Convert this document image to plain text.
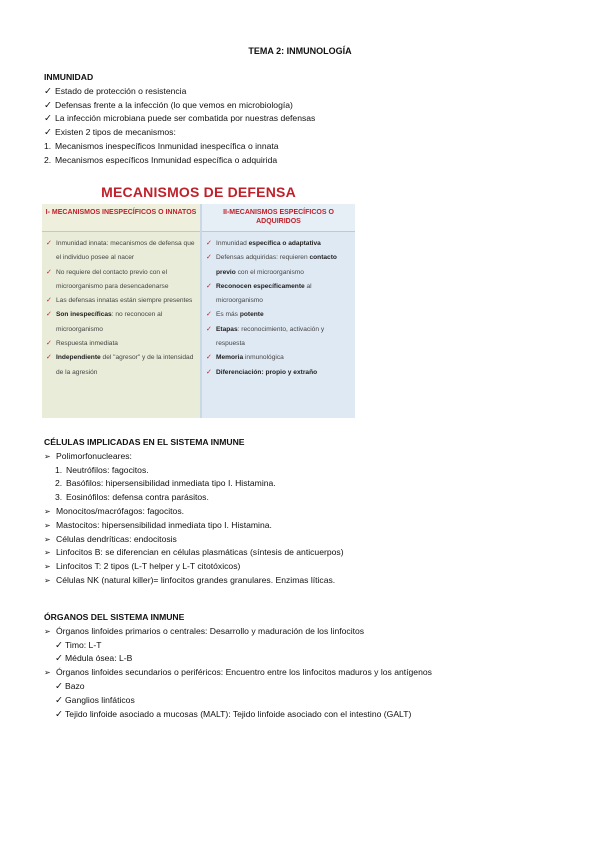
TEMA 2: INMUNOLOGÍA
INMUNIDAD
✓ Estado de protección o resistencia
✓ Defensas frente a la infección (lo que vemos en microbiología)
✓ La infección microbiana puede ser combatida por nuestras defensas
✓ Existen 2 tipos de mecanismos:
1. Mecanismos inespecíficos Inmunidad inespecífica o innata
2. Mecanismos específicos Inmunidad específica o adquirida
MECANISMOS DE DEFENSA
I- MECANISMOS INESPECÍFICOS O INNATOS
✓ Inmunidad innata: mecanismos de defensa que el individuo posee al nacer
✓ No requiere del contacto previo con el microorganismo para desencadenarse
✓ Las defensas innatas están siempre presentes
✓ Son inespecíficas: no reconocen al microorganismo
✓ Respuesta inmediata
✓ Independiente del "agresor" y de la intensidad de la agresión
II-MECANISMOS ESPECÍFICOS O ADQUIRIDOS
✓ Inmunidad específica o adaptativa
✓ Defensas adquiridas: requieren contacto previo con el microorganismo
✓ Reconocen específicamente al microorganismo
✓ Es más potente
✓ Etapas: reconocimiento, activación y respuesta
✓ Memoria inmunológica
✓ Diferenciación: propio y extraño
CÉLULAS IMPLICADAS EN EL SISTEMA INMUNE
➢ Polimorfonucleares:
1. Neutrófilos: fagocitos.
2. Basófilos: hipersensibilidad inmediata tipo I. Histamina.
3. Eosinófilos: defensa contra parásitos.
➢ Monocitos/macrófagos: fagocitos.
➢ Mastocitos: hipersensibilidad inmediata tipo I. Histamina.
➢ Células dendríticas: endocitosis
➢ Linfocitos B: se diferencian en células plasmáticas (síntesis de anticuerpos)
➢ Linfocitos T: 2 tipos (L-T helper y L-T citotóxicos)
➢ Células NK (natural killer)= linfocitos grandes granulares. Enzimas líticas.
ÓRGANOS DEL SISTEMA INMUNE
➢ Órganos linfoides primarios o centrales: Desarrollo y maduración de los linfocitos
✓ Timo: L-T
✓ Médula ósea: L-B
➢ Órganos linfoides secundarios o periféricos: Encuentro entre los linfocitos maduros y los antígenos
✓ Bazo
✓ Ganglios linfáticos
✓ Tejido linfoide asociado a mucosas (MALT): Tejido linfoide asociado con el intestino (GALT)
